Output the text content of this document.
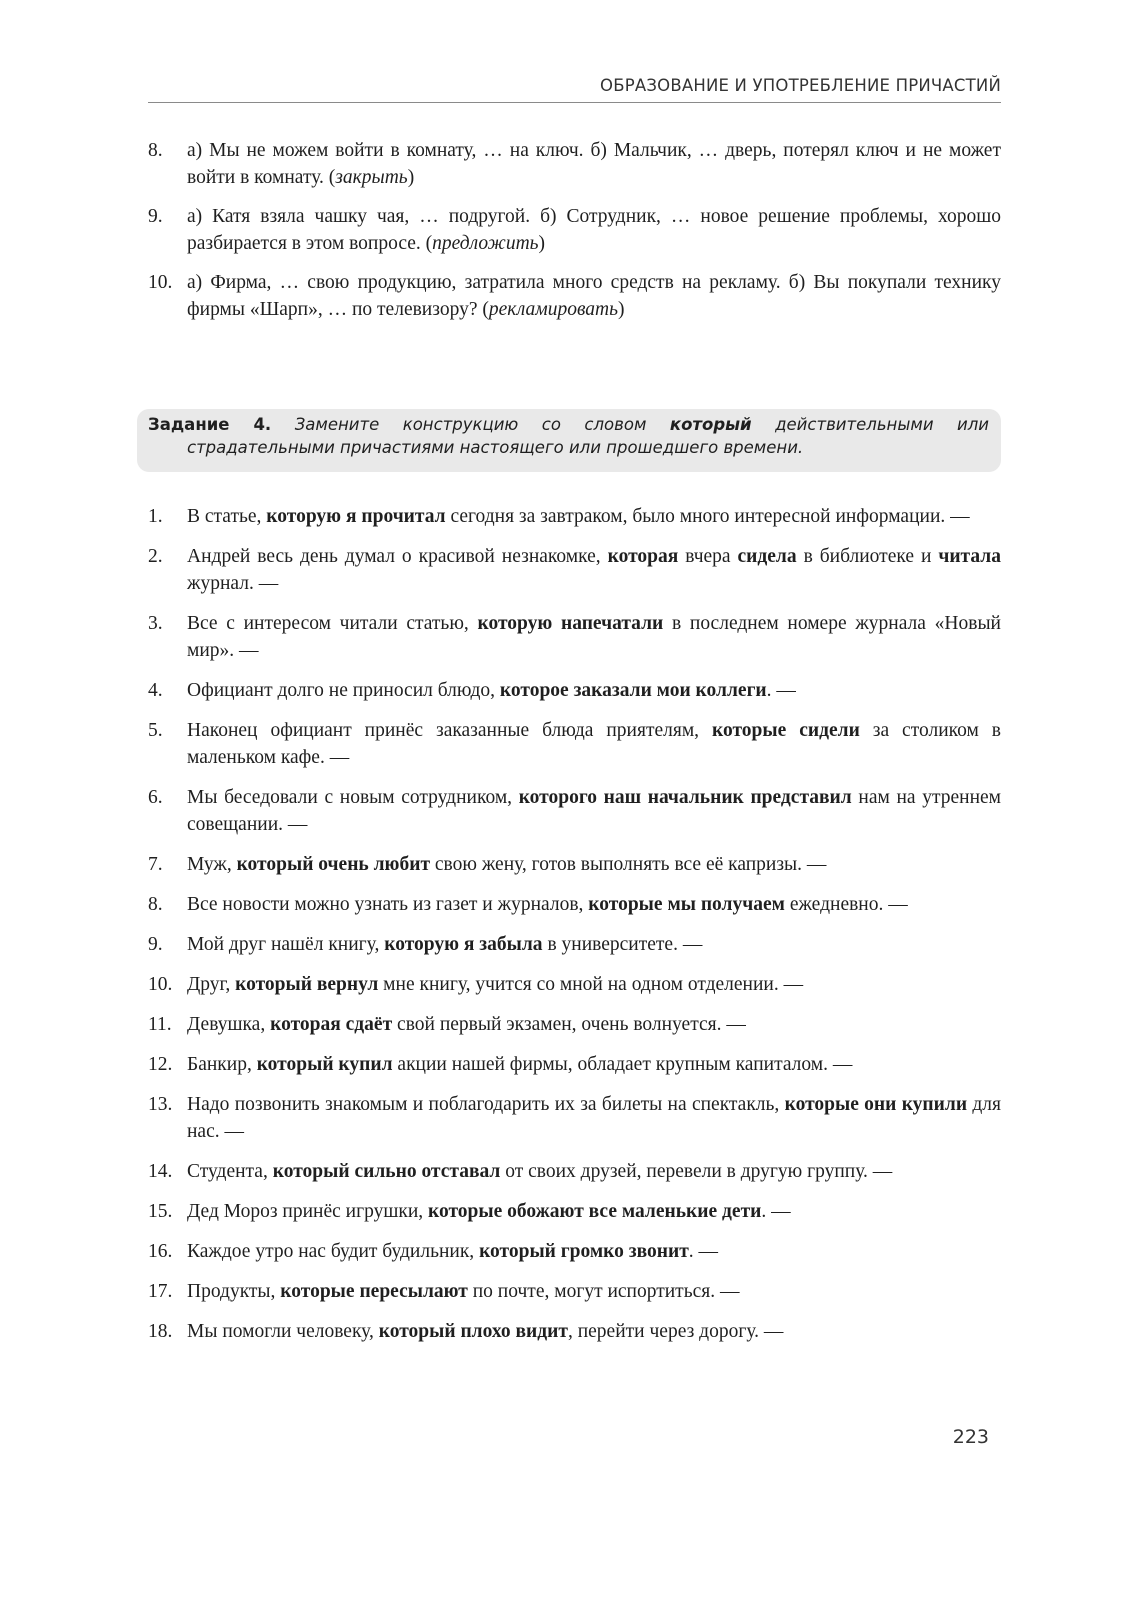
ОБРАЗОВАНИЕ И УПОТРЕБЛЕНИЕ ПРИЧАСТИЙ
8. а) Мы не можем войти в комнату, … на ключ. б) Мальчик, … дверь, потерял ключ и не может войти в комнату. (закрыть)
9. а) Катя взяла чашку чая, … подругой. б) Сотрудник, … новое решение проблемы, хорошо разбирается в этом вопросе. (предложить)
10. а) Фирма, … свою продукцию, затратила много средств на рекламу. б) Вы покупали технику фирмы «Шарп», … по телевизору? (рекламировать)
Задание 4. Замените конструкцию со словом который действительными или
страдательными причастиями настоящего или прошедшего времени.
1. В статье, которую я прочитал сегодня за завтраком, было много интересной информации. —
2. Андрей весь день думал о красивой незнакомке, которая вчера сидела в библиотеке и читала журнал. —
3. Все с интересом читали статью, которую напечатали в последнем номере журнала «Новый мир». —
4. Официант долго не приносил блюдо, которое заказали мои коллеги. —
5. Наконец официант принёс заказанные блюда приятелям, которые сидели за столиком в маленьком кафе. —
6. Мы беседовали с новым сотрудником, которого наш начальник представил нам на утреннем совещании. —
7. Муж, который очень любит свою жену, готов выполнять все её капризы. —
8. Все новости можно узнать из газет и журналов, которые мы получаем ежедневно. —
9. Мой друг нашёл книгу, которую я забыла в университете. —
10. Друг, который вернул мне книгу, учится со мной на одном отделении. —
11. Девушка, которая сдаёт свой первый экзамен, очень волнуется. —
12. Банкир, который купил акции нашей фирмы, обладает крупным капиталом. —
13. Надо позвонить знакомым и поблагодарить их за билеты на спектакль, которые они купили для нас. —
14. Студента, который сильно отставал от своих друзей, перевели в другую группу. —
15. Дед Мороз принёс игрушки, которые обожают все маленькие дети. —
16. Каждое утро нас будит будильник, который громко звонит. —
17. Продукты, которые пересылают по почте, могут испортиться. —
18. Мы помогли человеку, который плохо видит, перейти через дорогу. —
223
